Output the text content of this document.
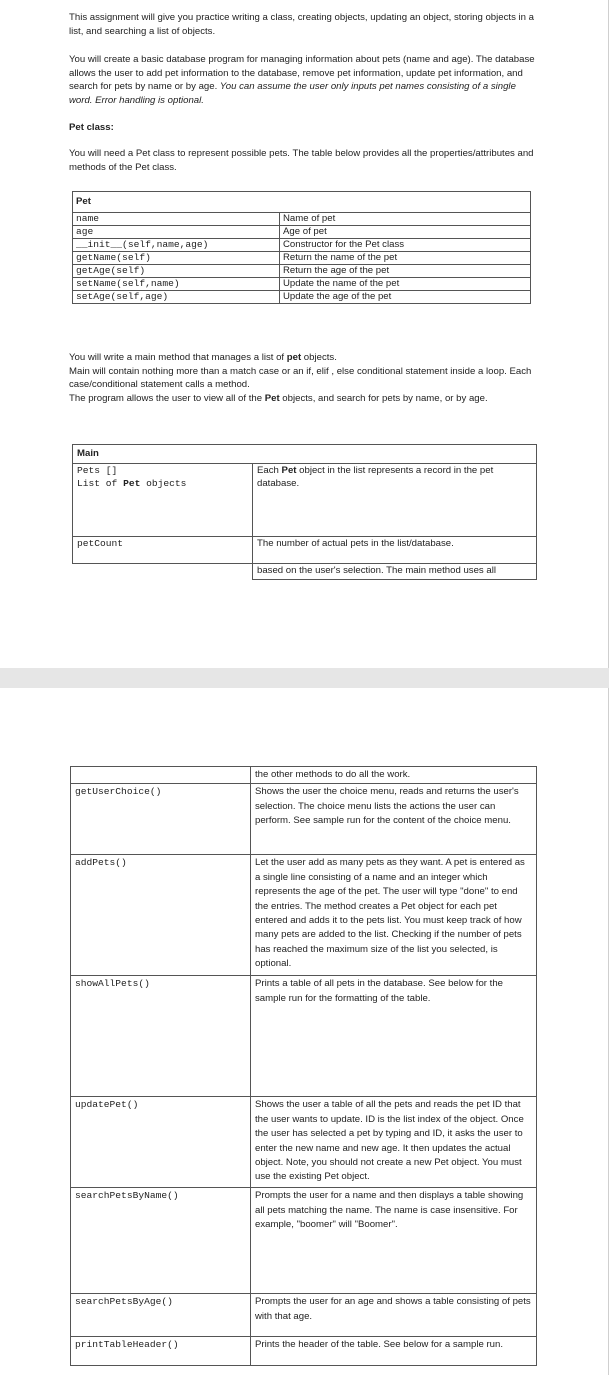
This assignment will give you practice writing a class, creating objects, updating an object, storing objects in a list, and searching a list of objects.

You will create a basic database program for managing information about pets (name and age). The database allows the user to add pet information to the database, remove pet information, update pet information, and search for pets by name or by age. You can assume the user only inputs pet names consisting of a single word. Error handling is optional.

Pet class:

You will need a Pet class to represent possible pets. The table below provides all the properties/attributes and methods of the Pet class.

Pet	
name	Name of pet
age	Age of pet
__init__(self,name,age)	Constructor for the Pet class
getName(self)	Return the name of the pet
getAge(self)	Return the age of the pet
setName(self,name)	Update the name of the pet
setAge(self,age)	Update the age of the pet

You will write a main method that manages a list of pet objects.
Main will contain nothing more than a match case or an if, elif , else conditional statement inside a loop. Each case/conditional statement calls a method.
The program allows the user to view all of the Pet objects, and search for pets by name, or by age.

Main	
Pets []
List of Pet objects	Each Pet object in the list represents a record in the pet database.
petCount	The number of actual pets in the list/database.
	based on the user's selection. The main method uses all
	the other methods to do all the work.
getUserChoice()	Shows the user the choice menu, reads and returns the user's selection. The choice menu lists the actions the user can perform. See sample run for the content of the choice menu.
addPets()	Let the user add as many pets as they want. A pet is entered as a single line consisting of a name and an integer which represents the age of the pet. The user will type "done" to end the entries. The method creates a Pet object for each pet entered and adds it to the pets list. You must keep track of how many pets are added to the list. Checking if the number of pets has reached the maximum size of the list you selected, is optional.
showAllPets()	Prints a table of all pets in the database. See below for the sample run for the formatting of the table.
updatePet()	Shows the user a table of all the pets and reads the pet ID that the user wants to update. ID is the list index of the object. Once the user has selected a pet by typing and ID, it asks the user to enter the new name and new age. It then updates the actual object. Note, you should not create a new Pet object. You must use the existing Pet object.
searchPetsByName()	Prompts the user for a name and then displays a table showing all pets matching the name. The name is case insensitive. For example, "boomer" will "Boomer".
searchPetsByAge()	Prompts the user for an age and shows a table consisting of pets with that age.
printTableHeader()	Prints the header of the table. See below for a sample run.
